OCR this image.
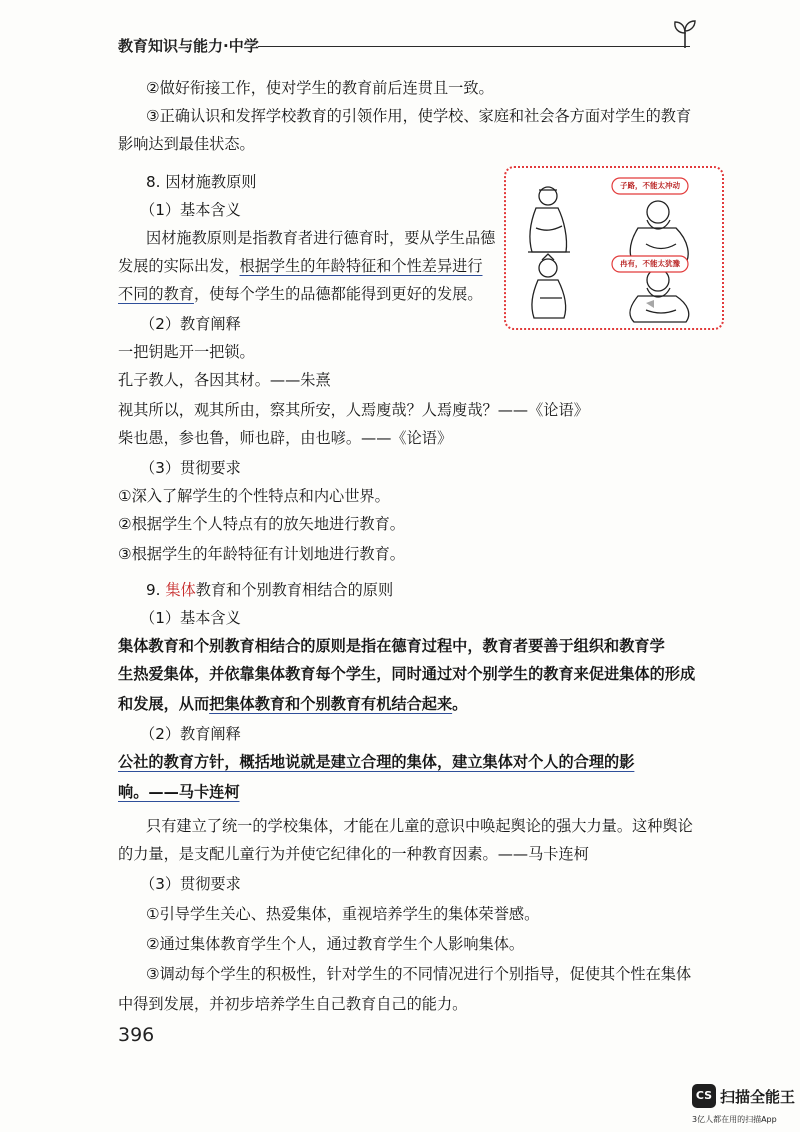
教育知识与能力·中学
②做好衔接工作，使对学生的教育前后连贯且一致。
③正确认识和发挥学校教育的引领作用，使学校、家庭和社会各方面对学生的教育
影响达到最佳状态。
8. 因材施教原则
（1）基本含义
因材施教原则是指教育者进行德育时，要从学生品德
发展的实际出发，根据学生的年龄特征和个性差异进行
不同的教育，使每个学生的品德都能得到更好的发展。
子路，不能太冲动
冉有，不能太犹豫
（2）教育阐释
一把钥匙开一把锁。
孔子教人，各因其材。——朱熹
视其所以，观其所由，察其所安，人焉廋哉？人焉廋哉？——《论语》
柴也愚，参也鲁，师也辟，由也喭。——《论语》
（3）贯彻要求
①深入了解学生的个性特点和内心世界。
②根据学生个人特点有的放矢地进行教育。
③根据学生的年龄特征有计划地进行教育。
9. 集体教育和个别教育相结合的原则
（1）基本含义
集体教育和个别教育相结合的原则是指在德育过程中，教育者要善于组织和教育学
生热爱集体，并依靠集体教育每个学生，同时通过对个别学生的教育来促进集体的形成
和发展，从而把集体教育和个别教育有机结合起来。
（2）教育阐释
公社的教育方针，概括地说就是建立合理的集体，建立集体对个人的合理的影
响。——马卡连柯
只有建立了统一的学校集体，才能在儿童的意识中唤起舆论的强大力量。这种舆论
的力量，是支配儿童行为并使它纪律化的一种教育因素。——马卡连柯
（3）贯彻要求
①引导学生关心、热爱集体，重视培养学生的集体荣誉感。
②通过集体教育学生个人，通过教育学生个人影响集体。
③调动每个学生的积极性，针对学生的不同情况进行个别指导，促使其个性在集体
中得到发展，并初步培养学生自己教育自己的能力。
396
CS 扫描全能王
3亿人都在用的扫描App
